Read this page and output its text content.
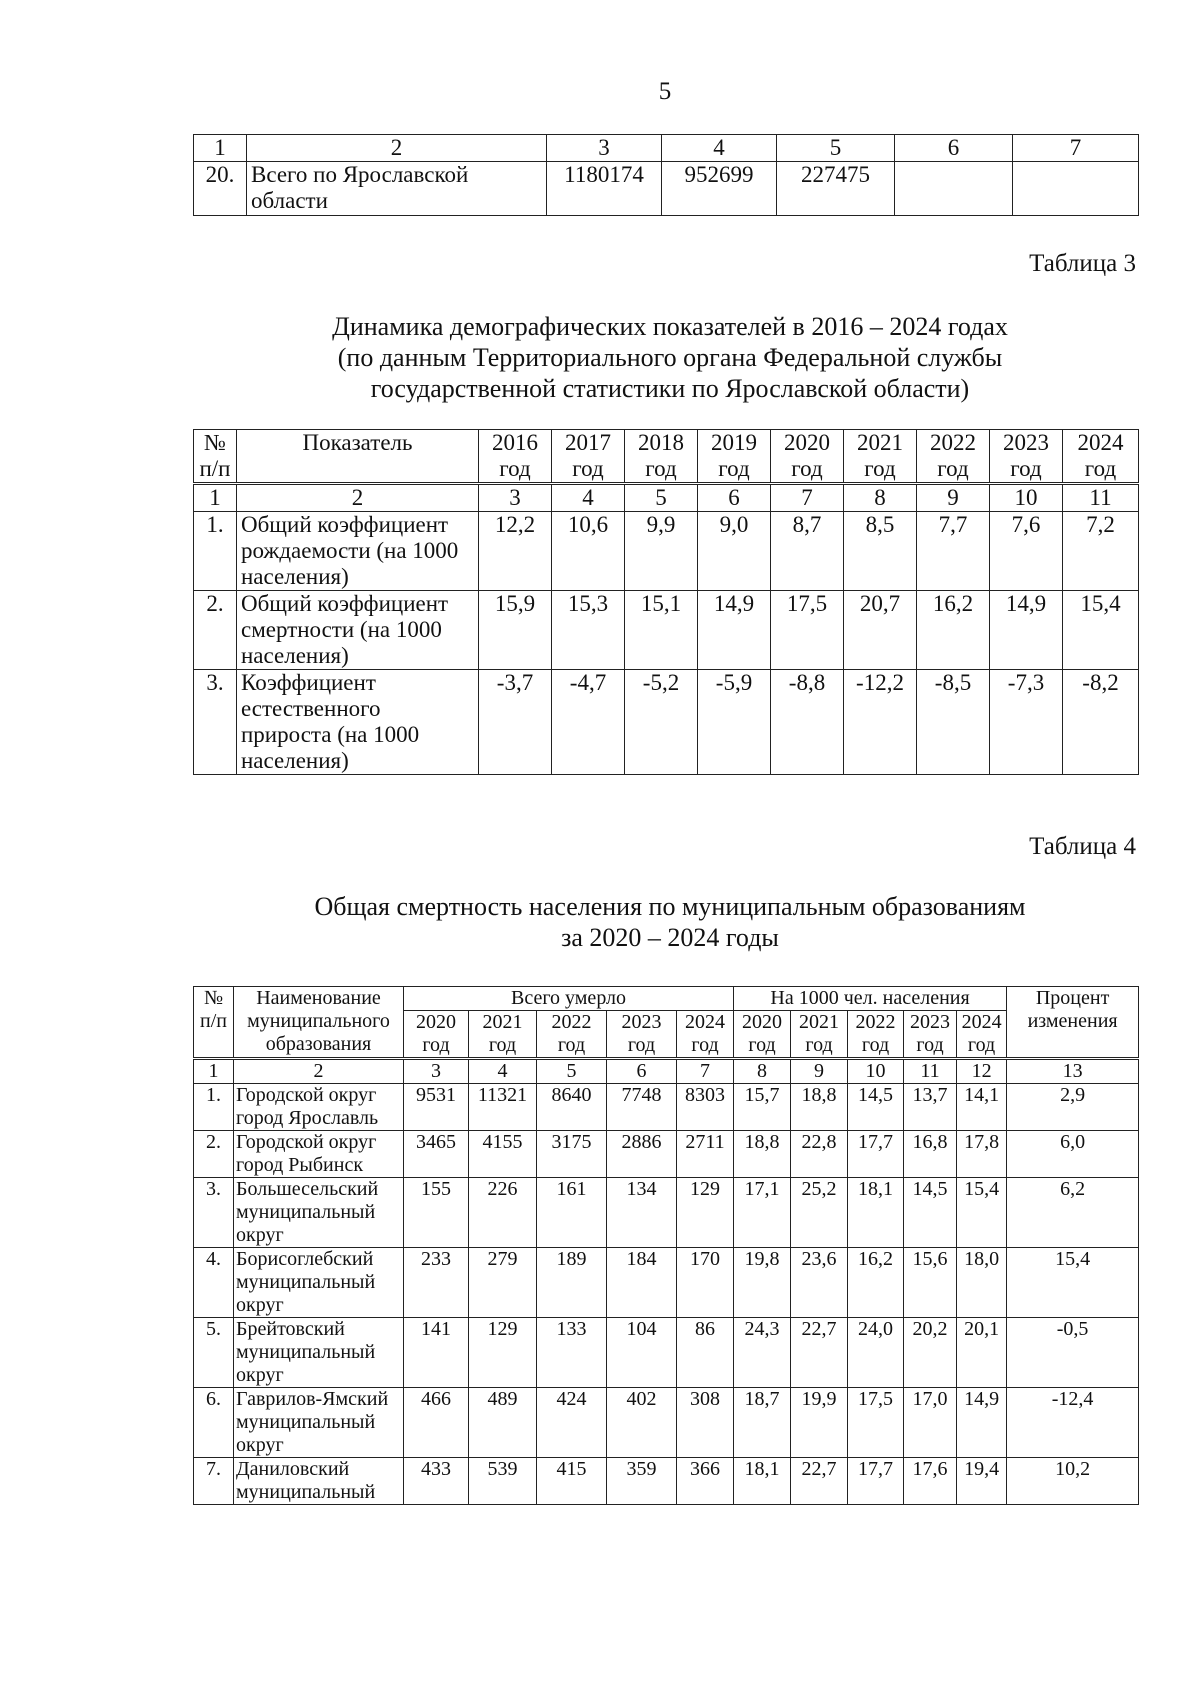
5
1	2	3	4	5	6	7
20.	Всего по Ярославской области	1180174	952699	227475		
Таблица 3
Динамика демографических показателей в 2016 – 2024 годах
(по данным Территориального органа Федеральной службы
государственной статистики по Ярославской области)
№ п/п	Показатель	2016 год	2017 год	2018 год	2019 год	2020 год	2021 год	2022 год	2023 год	2024 год
1	2	3	4	5	6	7	8	9	10	11
1.	Общий коэффициент рождаемости (на 1000 населения)	12,2	10,6	9,9	9,0	8,7	8,5	7,7	7,6	7,2
2.	Общий коэффициент смертности (на 1000 населения)	15,9	15,3	15,1	14,9	17,5	20,7	16,2	14,9	15,4
3.	Коэффициент естественного прироста (на 1000 населения)	-3,7	-4,7	-5,2	-5,9	-8,8	-12,2	-8,5	-7,3	-8,2
Таблица 4
Общая смертность населения по муниципальным образованиям
за 2020 – 2024 годы
№ п/п	Наименование муниципального образования	Всего умерло					На 1000 чел. населения					Процент изменения
		2020 год	2021 год	2022 год	2023 год	2024 год	2020 год	2021 год	2022 год	2023 год	2024 год	
1	2	3	4	5	6	7	8	9	10	11	12	13
1.	Городской округ город Ярославль	9531	11321	8640	7748	8303	15,7	18,8	14,5	13,7	14,1	2,9
2.	Городской округ город Рыбинск	3465	4155	3175	2886	2711	18,8	22,8	17,7	16,8	17,8	6,0
3.	Большесельский муниципальный округ	155	226	161	134	129	17,1	25,2	18,1	14,5	15,4	6,2
4.	Борисоглебский муниципальный округ	233	279	189	184	170	19,8	23,6	16,2	15,6	18,0	15,4
5.	Брейтовский муниципальный округ	141	129	133	104	86	24,3	22,7	24,0	20,2	20,1	-0,5
6.	Гаврилов-Ямский муниципальный округ	466	489	424	402	308	18,7	19,9	17,5	17,0	14,9	-12,4
7.	Даниловский муниципальный	433	539	415	359	366	18,1	22,7	17,7	17,6	19,4	10,2
